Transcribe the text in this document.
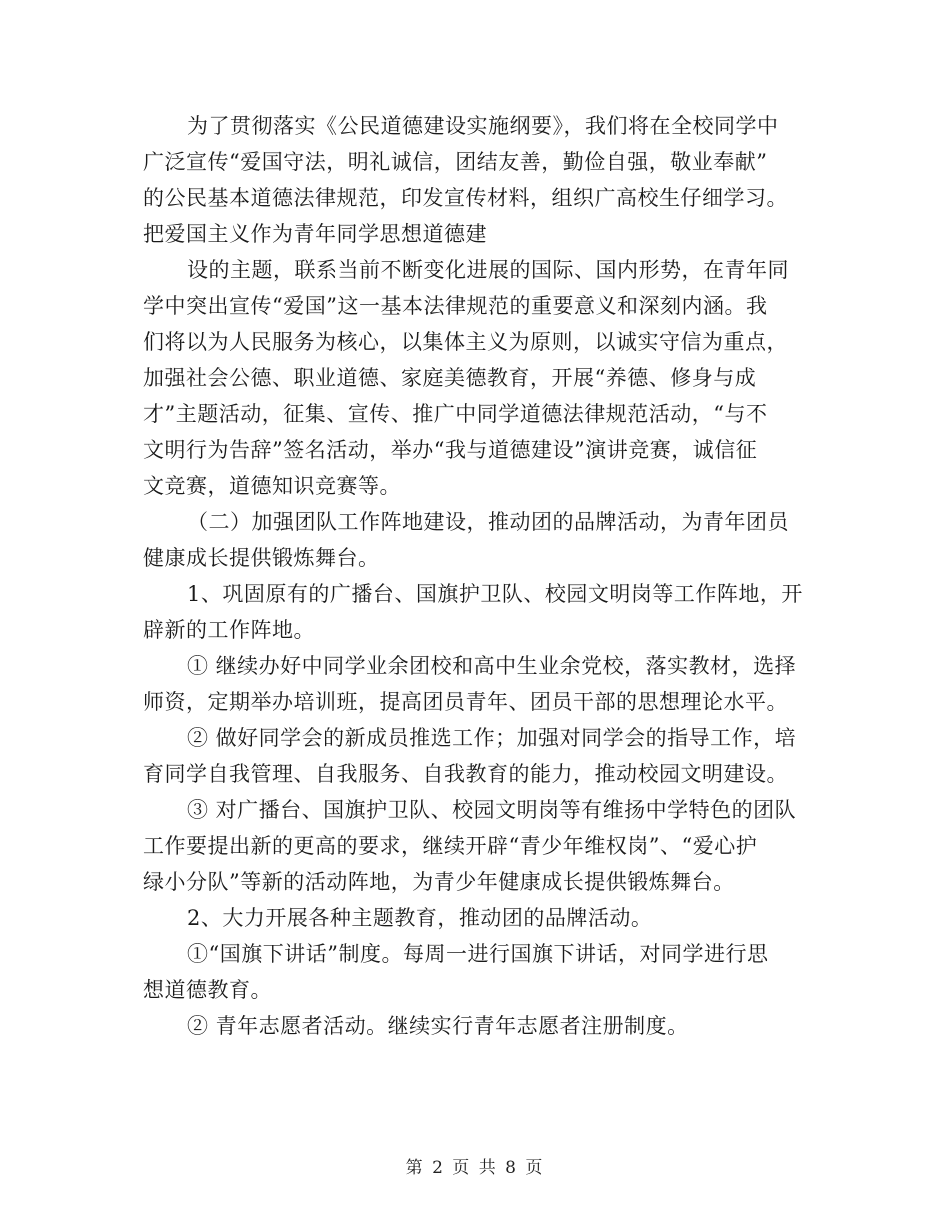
为了贯彻落实《公民道德建设实施纲要》，我们将在全校同学中
广泛宣传“爱国守法，明礼诚信，团结友善，勤俭自强，敬业奉献”
的公民基本道德法律规范，印发宣传材料，组织广高校生仔细学习。
把爱国主义作为青年同学思想道德建

设的主题，联系当前不断变化进展的国际、国内形势，在青年同
学中突出宣传“爱国”这一基本法律规范的重要意义和深刻内涵。我
们将以为人民服务为核心，以集体主义为原则，以诚实守信为重点，
加强社会公德、职业道德、家庭美德教育，开展“养德、修身与成
才”主题活动，征集、宣传、推广中同学道德法律规范活动，“与不
文明行为告辞”签名活动，举办“我与道德建设”演讲竞赛，诚信征
文竞赛，道德知识竞赛等。

（二）加强团队工作阵地建设，推动团的品牌活动，为青年团员
健康成长提供锻炼舞台。

1、巩固原有的广播台、国旗护卫队、校园文明岗等工作阵地，开
辟新的工作阵地。

① 继续办好中同学业余团校和高中生业余党校，落实教材，选择
师资，定期举办培训班，提高团员青年、团员干部的思想理论水平。

② 做好同学会的新成员推选工作；加强对同学会的指导工作，培
育同学自我管理、自我服务、自我教育的能力，推动校园文明建设。

③ 对广播台、国旗护卫队、校园文明岗等有维扬中学特色的团队
工作要提出新的更高的要求，继续开辟“青少年维权岗”、“爱心护
绿小分队”等新的活动阵地，为青少年健康成长提供锻炼舞台。

2、大力开展各种主题教育，推动团的品牌活动。

①“国旗下讲话”制度。每周一进行国旗下讲话，对同学进行思
想道德教育。

② 青年志愿者活动。继续实行青年志愿者注册制度。

第 2 页 共 8 页
